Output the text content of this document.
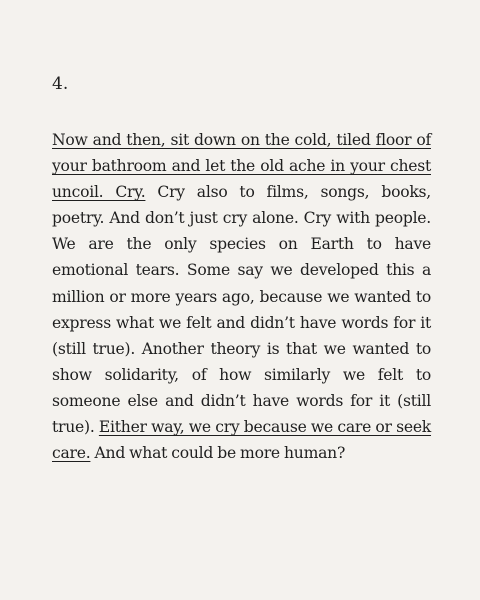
4.
Now and then, sit down on the cold, tiled floor of your bathroom and let the old ache in your chest uncoil. Cry. Cry also to films, songs, books, poetry. And don’t just cry alone. Cry with people. We are the only species on Earth to have emotional tears. Some say we developed this a million or more years ago, because we wanted to express what we felt and didn’t have words for it (still true). Another theory is that we wanted to show solidarity, of how similarly we felt to someone else and didn’t have words for it (still true). Either way, we cry because we care or seek care. And what could be more human?
